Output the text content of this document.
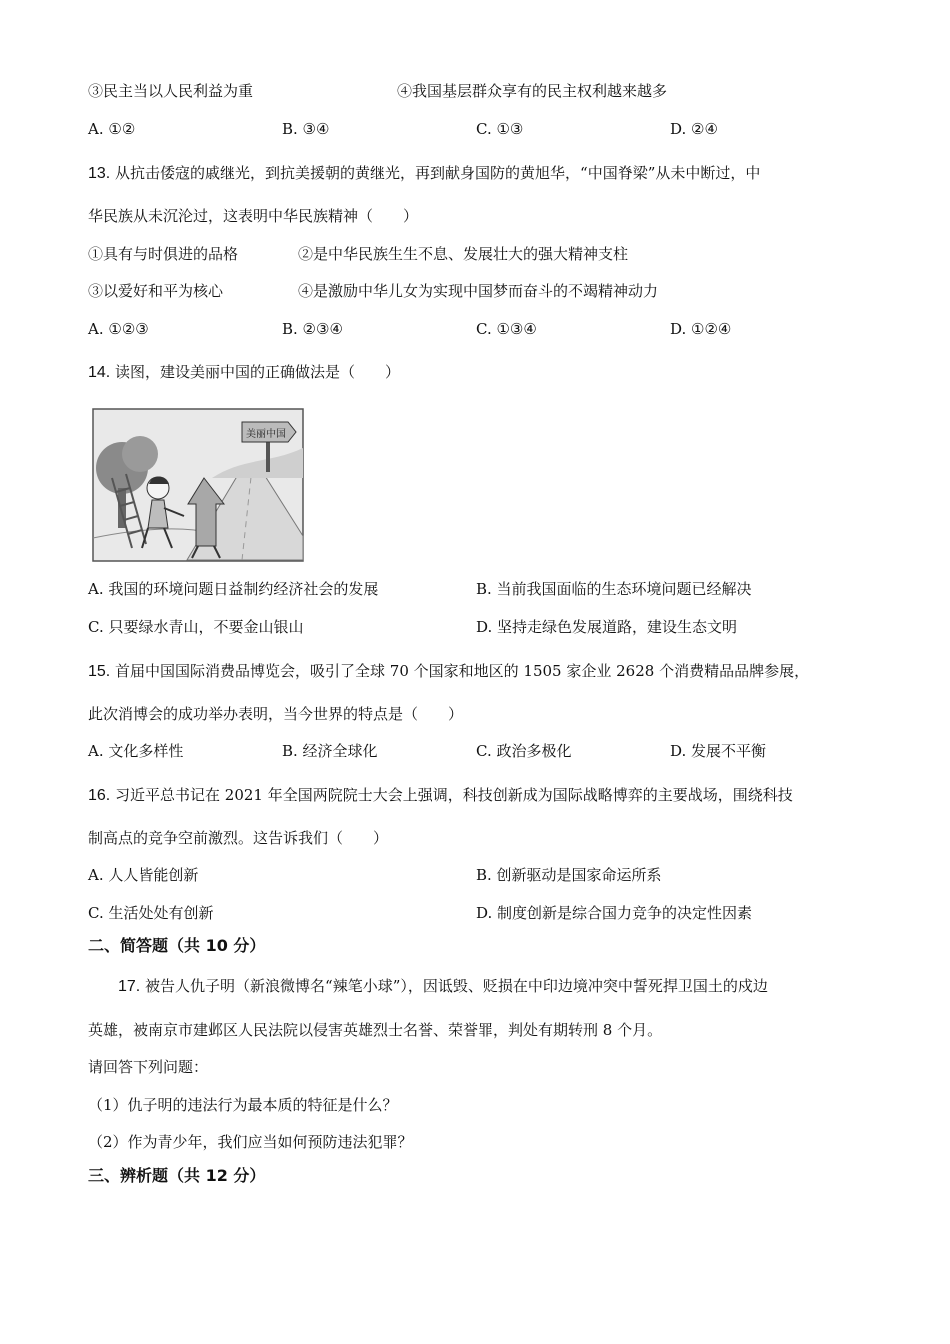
③民主当以人民利益为重	④我国基层群众享有的民主权利越来越多
A. ①②	B. ③④	C. ①③	D. ②④
13. 从抗击倭寇的戚继光，到抗美援朝的黄继光，再到献身国防的黄旭华，“中国脊梁”从未中断过，中
华民族从未沉沦过，这表明中华民族精神（　　）
①具有与时俱进的品格	②是中华民族生生不息、发展壮大的强大精神支柱
③以爱好和平为核心	④是激励中华儿女为实现中国梦而奋斗的不竭精神动力
A. ①②③	B. ②③④	C. ①③④	D. ①②④
14. 读图，建设美丽中国的正确做法是（　　）
美丽中国
A. 我国的环境问题日益制约经济社会的发展	B. 当前我国面临的生态环境问题已经解决
C. 只要绿水青山，不要金山银山	D. 坚持走绿色发展道路，建设生态文明
15. 首届中国国际消费品博览会，吸引了全球 70 个国家和地区的 1505 家企业 2628 个消费精品品牌参展，
此次消博会的成功举办表明，当今世界的特点是（　　）
A. 文化多样性	B. 经济全球化	C. 政治多极化	D. 发展不平衡
16. 习近平总书记在 2021 年全国两院院士大会上强调，科技创新成为国际战略博弈的主要战场，围绕科技
制高点的竞争空前激烈。这告诉我们（　　）
A. 人人皆能创新	B. 创新驱动是国家命运所系
C. 生活处处有创新	D. 制度创新是综合国力竞争的决定性因素
二、简答题（共 10 分）
17. 被告人仇子明（新浪微博名“辣笔小球”），因诋毁、贬损在中印边境冲突中誓死捍卫国土的戍边
英雄，被南京市建邺区人民法院以侵害英雄烈士名誉、荣誉罪，判处有期转刑 8 个月。
请回答下列问题：
（1）仇子明的违法行为最本质的特征是什么？
（2）作为青少年，我们应当如何预防违法犯罪？
三、辨析题（共 12 分）
